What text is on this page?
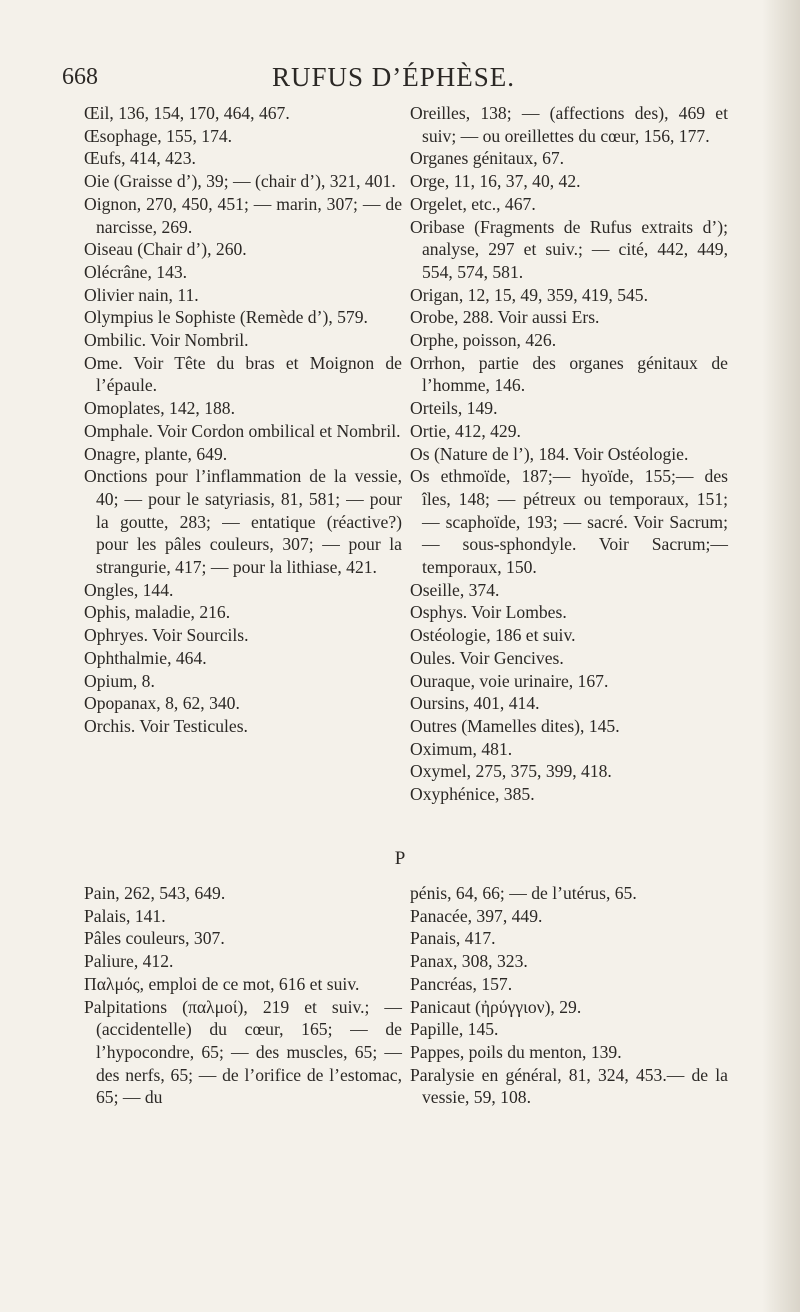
668	RUFUS D’ÉPHÈSE.

Œil, 136, 154, 170, 464, 467.

Œsophage, 155, 174.

Œufs, 414, 423.

Oie (Graisse d’), 39; — (chair d’), 321, 401.

Oignon, 270, 450, 451; — marin, 307; — de narcisse, 269.

Oiseau (Chair d’), 260.

Olécrâne, 143.

Olivier nain, 11.

Olympius le Sophiste (Remède d’), 579.

Ombilic. Voir Nombril.

Ome. Voir Tête du bras et Moignon de l’épaule.

Omoplates, 142, 188.

Omphale. Voir Cordon ombilical et Nombril.

Onagre, plante, 649.

Onctions pour l’inflammation de la vessie, 40; — pour le satyriasis, 81, 581; — pour la goutte, 283; — entatique (réactive?) pour les pâles couleurs, 307; — pour la strangurie, 417; — pour la lithiase, 421.

Ongles, 144.

Ophis, maladie, 216.

Ophryes. Voir Sourcils.

Ophthalmie, 464.

Opium, 8.

Opopanax, 8, 62, 340.

Orchis. Voir Testicules.

Oreilles, 138; — (affections des), 469 et suiv; — ou oreillettes du cœur, 156, 177.

Organes génitaux, 67.

Orge, 11, 16, 37, 40, 42.

Orgelet, etc., 467.

Oribase (Fragments de Rufus extraits d’); analyse, 297 et suiv.; — cité, 442, 449, 554, 574, 581.

Origan, 12, 15, 49, 359, 419, 545.

Orobe, 288. Voir aussi Ers.

Orphe, poisson, 426.

Orrhon, partie des organes génitaux de l’homme, 146.

Orteils, 149.

Ortie, 412, 429.

Os (Nature de l’), 184. Voir Ostéologie.

Os ethmoïde, 187;— hyoïde, 155;— des îles, 148; — pétreux ou temporaux, 151; — scaphoïde, 193; — sacré. Voir Sacrum; — sous-sphondyle. Voir Sacrum;—temporaux, 150.

Oseille, 374.

Osphys. Voir Lombes.

Ostéologie, 186 et suiv.

Oules. Voir Gencives.

Ouraque, voie urinaire, 167.

Oursins, 401, 414.

Outres (Mamelles dites), 145.

Oximum, 481.

Oxymel, 275, 375, 399, 418.

Oxyphénice, 385.

P

Pain, 262, 543, 649.

Palais, 141.

Pâles couleurs, 307.

Paliure, 412.

Παλμός, emploi de ce mot, 616 et suiv.

Palpitations (παλμοί), 219 et suiv.; — (accidentelle) du cœur, 165; — de l’hypocondre, 65; — des muscles, 65; — des nerfs, 65; — de l’orifice de l’estomac, 65; — du

pénis, 64, 66; — de l’utérus, 65.

Panacée, 397, 449.

Panais, 417.

Panax, 308, 323.

Pancréas, 157.

Panicaut (ἠρύγγιον), 29.

Papille, 145.

Pappes, poils du menton, 139.

Paralysie en général, 81, 324, 453.— de la vessie, 59, 108.
